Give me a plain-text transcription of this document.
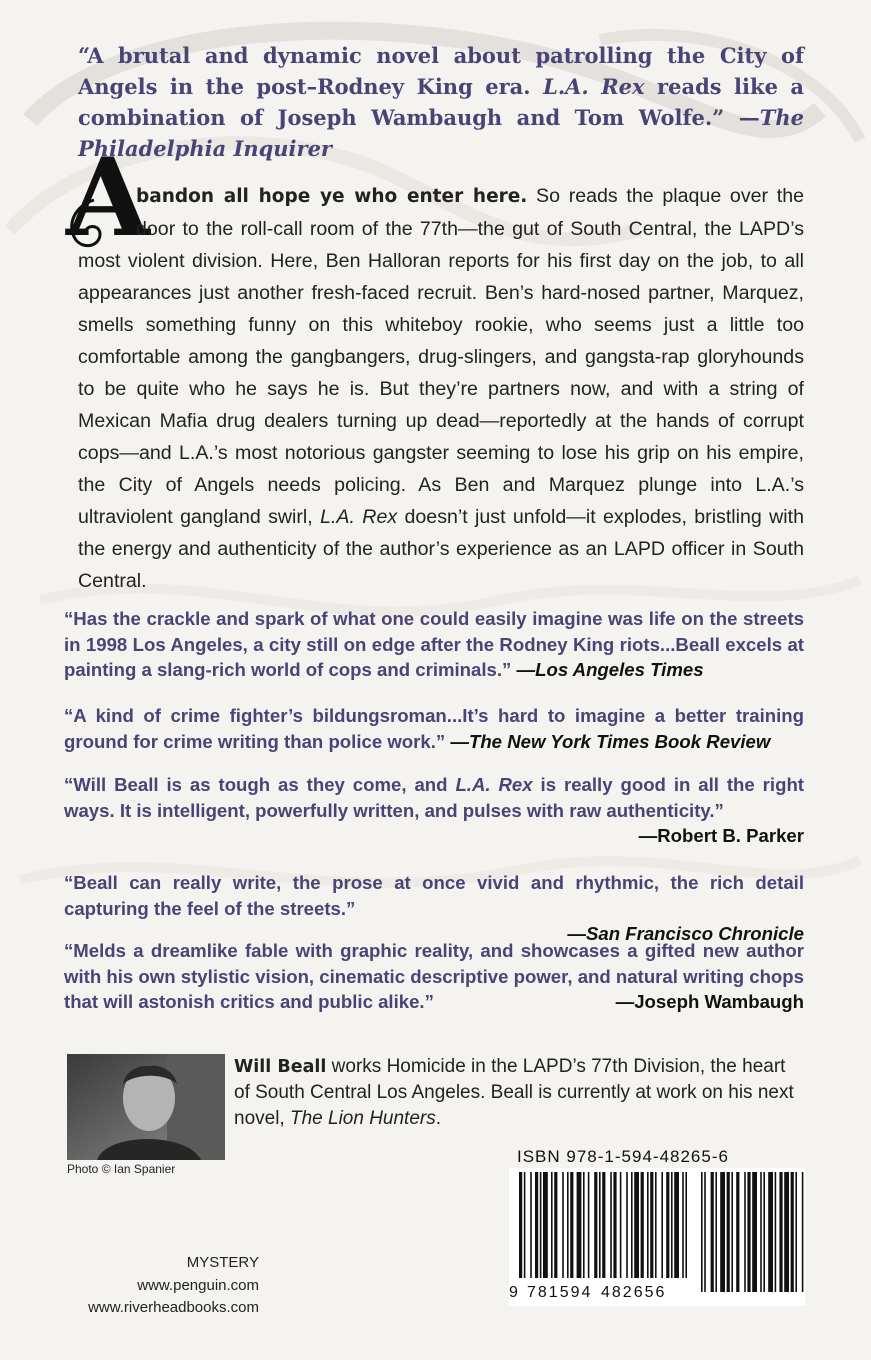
“A brutal and dynamic novel about patrolling the City of Angels in the post–Rodney King era. L.A. Rex reads like a combination of Joseph Wambaugh and Tom Wolfe.” —The Philadelphia Inquirer
A
bandon all hope ye who enter here. So reads the plaque over the door to the roll-call room of the 77th—the gut of South Central, the LAPD’s most violent division. Here, Ben Halloran reports for his first day on the job, to all appearances just another fresh-faced recruit. Ben’s hard-nosed partner, Marquez, smells something funny on this whiteboy rookie, who seems just a little too comfortable among the gangbangers, drug-slingers, and gangsta-rap gloryhounds to be quite who he says he is. But they’re partners now, and with a string of Mexican Mafia drug dealers turning up dead—reportedly at the hands of corrupt cops—and L.A.’s most notorious gangster seeming to lose his grip on his empire, the City of Angels needs policing. As Ben and Marquez plunge into L.A.’s ultraviolent gangland swirl, L.A. Rex doesn’t just unfold—it explodes, bristling with the energy and authenticity of the author’s experience as an LAPD officer in South Central.
“Has the crackle and spark of what one could easily imagine was life on the streets in 1998 Los Angeles, a city still on edge after the Rodney King riots...Beall excels at painting a slang-rich world of cops and criminals.” —Los Angeles Times
“A kind of crime fighter’s bildungsroman...It’s hard to imagine a better training ground for crime writing than police work.” —The New York Times Book Review
“Will Beall is as tough as they come, and L.A. Rex is really good in all the right ways. It is intelligent, powerfully written, and pulses with raw authenticity.”
—Robert B. Parker
“Beall can really write, the prose at once vivid and rhythmic, the rich detail capturing the feel of the streets.”
—San Francisco Chronicle
“Melds a dreamlike fable with graphic reality, and showcases a gifted new author with his own stylistic vision, cinematic descriptive power, and natural writing chops that will astonish critics and public alike.”	—Joseph Wambaugh
Photo © Ian Spanier
Will Beall works Homicide in the LAPD’s 77th Division, the heart of South Central Los Angeles. Beall is currently at work on his next novel, The Lion Hunters.
MYSTERY
www.penguin.com
www.riverheadbooks.com
ISBN 978-1-594-48265-6
9 781594 482656
